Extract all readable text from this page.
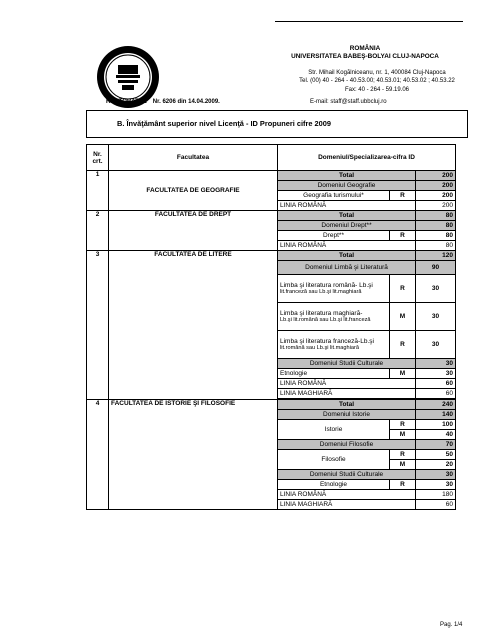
ROMÂNIA
UNIVERSITATEA BABEŞ-BOLYAI CLUJ-NAPOCA
Str. Mihail Kogălniceanu, nr. 1, 400084 Cluj-Napoca
Tel. (00) 40 - 264 - 40.53.00; 40.53.01; 40.53.02 ; 40.53.22
Fax: 40 - 264 - 59.19.06
RECTORATUL Nr. 6206 din 14.04.2009.	E-mail: staff@staff.ubbcluj.ro
B. Învăţământ superior nivel Licenţă - ID Propuneri cifre 2009
Nr. crt.	Facultatea	Domeniul/Specializarea-cifra ID		
1	FACULTATEA DE GEOGRAFIE	Total		200
		Domeniul Geografie		200
		Geografia turismului*	R	200
		LINIA ROMÂNĂ		200
2	FACULTATEA DE DREPT	Total		80
		Domeniul Drept**		80
		Drept**	R	80
		LINIA ROMÂNĂ		80
3	FACULTATEA DE LITERE	Total		120
		Domeniul Limbă şi Literatură		90
		Limba şi literatura română- Lb.şi
lit.franceză sau Lb.şi lit.maghiară	R	30
		Limba şi literatura maghiară-
Lb.şi lit.română sau Lb.şi lit.franceză	M	30
		Limba şi literatura franceză-Lb.şi
lit.română sau Lb.şi lit.maghiară	R	30
		Domeniul Studii Culturale		30
		Etnologie	M	30
		LINIA ROMÂNĂ		60
		LINIA MAGHIARĂ		60

4	FACULTATEA DE ISTORIE ŞI FILOSOFIE	Total		240
		Domeniul Istorie		140
		Istorie	R	100
			M	40
		Domeniul Filosofie		70
		Filosofie	R	50
			M	20
		Domeniul Studii Culturale		30
		Etnologie	R	30
		LINIA ROMÂNĂ		180
		LINIA MAGHIARĂ		60
Pag. 1/4
